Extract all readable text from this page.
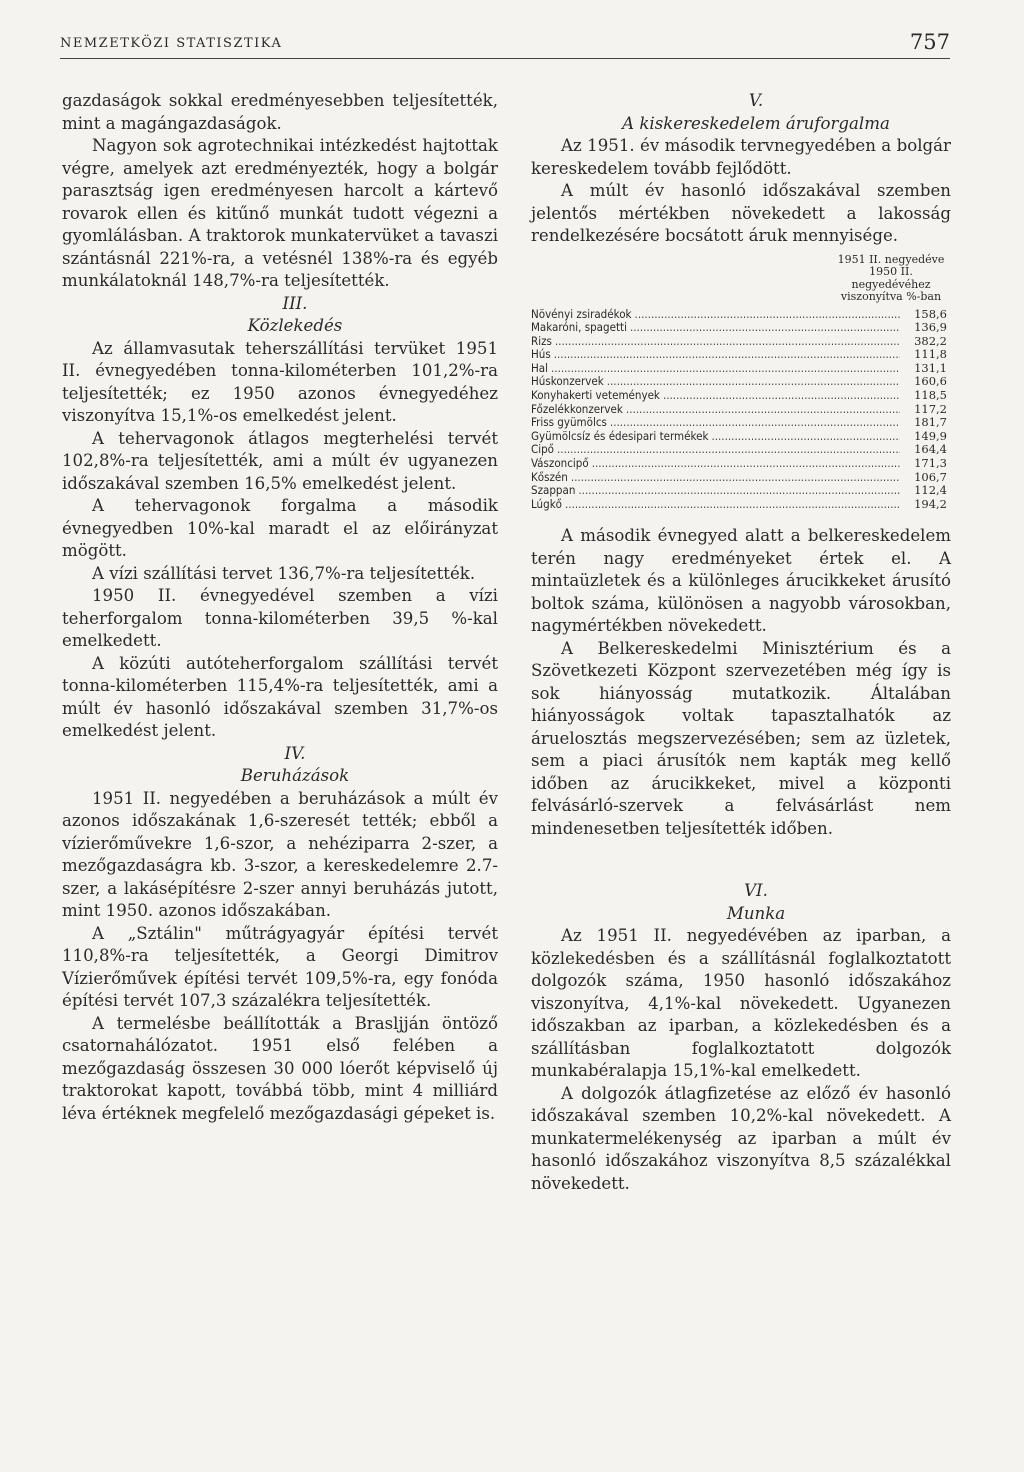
NEMZETKÖZI STATISZTIKA	757

gazdaságok sokkal eredményesebben teljesítették, mint a magángazdaságok.

Nagyon sok agrotechnikai intézkedést hajtottak végre, amelyek azt eredményezték, hogy a bolgár parasztság igen eredményesen harcolt a kártevő rovarok ellen és kitűnő munkát tudott végezni a gyomlálásban. A traktorok munkatervüket a tavaszi szántásnál 221%-ra, a vetésnél 138%-ra és egyéb munkálatoknál 148,7%-ra teljesítették.

III.

Közlekedés

Az államvasutak teherszállítási tervüket 1951 II. évnegyedében tonna-kilométerben 101,2%-ra teljesítették; ez 1950 azonos évnegyedéhez viszonyítva 15,1%-os emelkedést jelent.

A tehervagonok átlagos megterhelési tervét 102,8%-ra teljesítették, ami a múlt év ugyanezen időszakával szemben 16,5% emelkedést jelent.

A tehervagonok forgalma a második évnegyedben 10%-kal maradt el az előirányzat mögött.

A vízi szállítási tervet 136,7%-ra teljesítették.

1950 II. évnegyedével szemben a vízi teherforgalom tonna-kilométerben 39,5 %-kal emelkedett.

A közúti autóteherforgalom szállítási tervét tonna-kilométerben 115,4%-ra teljesítették, ami a múlt év hasonló időszakával szemben 31,7%-os emelkedést jelent.

IV.

Beruházások

1951 II. negyedében a beruházások a múlt év azonos időszakának 1,6-szeresét tették; ebből a vízierőművekre 1,6-szor, a nehéziparra 2-szer, a mezőgazdaságra kb. 3-szor, a kereskedelemre 2.7-szer, a lakásépítésre 2-szer annyi beruházás jutott, mint 1950. azonos időszakában.

A „Sztálin" műtrágyagyár építési tervét 110,8%-ra teljesítették, a Georgi Dimitrov Vízierőművek építési tervét 109,5%-ra, egy fonóda építési tervét 107,3 százalékra teljesítették.

A termelésbe beállították a Brasljján öntöző csatornahálózatot. 1951 első felében a mezőgazdaság összesen 30 000 lóerőt képviselő új traktorokat kapott, továbbá több, mint 4 milliárd léva értéknek megfelelő mezőgazdasági gépeket is.

V.

A kiskereskedelem áruforgalma

Az 1951. év második tervnegyedében a bolgár kereskedelem tovább fejlődött.

A múlt év hasonló időszakával szemben jelentős mértékben növekedett a lakosság rendelkezésére bocsátott áruk mennyisége.

1951 II. negyedéve 1950 II. negyedévéhez viszonyítva %-ban
Növényi zsiradékok .....	158,6
Makaróni, spagetti .....	136,9
Rizs .....	382,2
Hús .....	111,8
Hal .....	131,1
Húskonzervek .....	160,6
Konyhakerti vetemények .....	118,5
Főzelékkonzervek .....	117,2
Friss gyümölcs .....	181,7
Gyümölcsíz és édesipari termékek .....	149,9
Cipő .....	164,4
Vászoncipő .....	171,3
Kőszén .....	106,7
Szappan .....	112,4
Lúgkő .....	194,2

A második évnegyed alatt a belkereskedelem terén nagy eredményeket értek el. A mintaüzletek és a különleges árucikkeket árusító boltok száma, különösen a nagyobb városokban, nagymértékben növekedett.

A Belkereskedelmi Minisztérium és a Szövetkezeti Központ szervezetében még így is sok hiányosság mutatkozik. Általában hiányosságok voltak tapasztalhatók az áruelosztás megszervezésében; sem az üzletek, sem a piaci árusítók nem kapták meg kellő időben az árucikkeket, mivel a központi felvásárló-szervek a felvásárlást nem mindenesetben teljesítették időben.

VI.

Munka

Az 1951 II. negyedévében az iparban, a közlekedésben és a szállításnál foglalkoztatott dolgozók száma, 1950 hasonló időszakához viszonyítva, 4,1%-kal növekedett. Ugyanezen időszakban az iparban, a közlekedésben és a szállításban foglalkoztatott dolgozók munkabéralapja 15,1%-kal emelkedett.

A dolgozók átlagfizetése az előző év hasonló időszakával szemben 10,2%-kal növekedett. A munkatermelékenység az iparban a múlt év hasonló időszakához viszonyítva 8,5 százalékkal növekedett.
